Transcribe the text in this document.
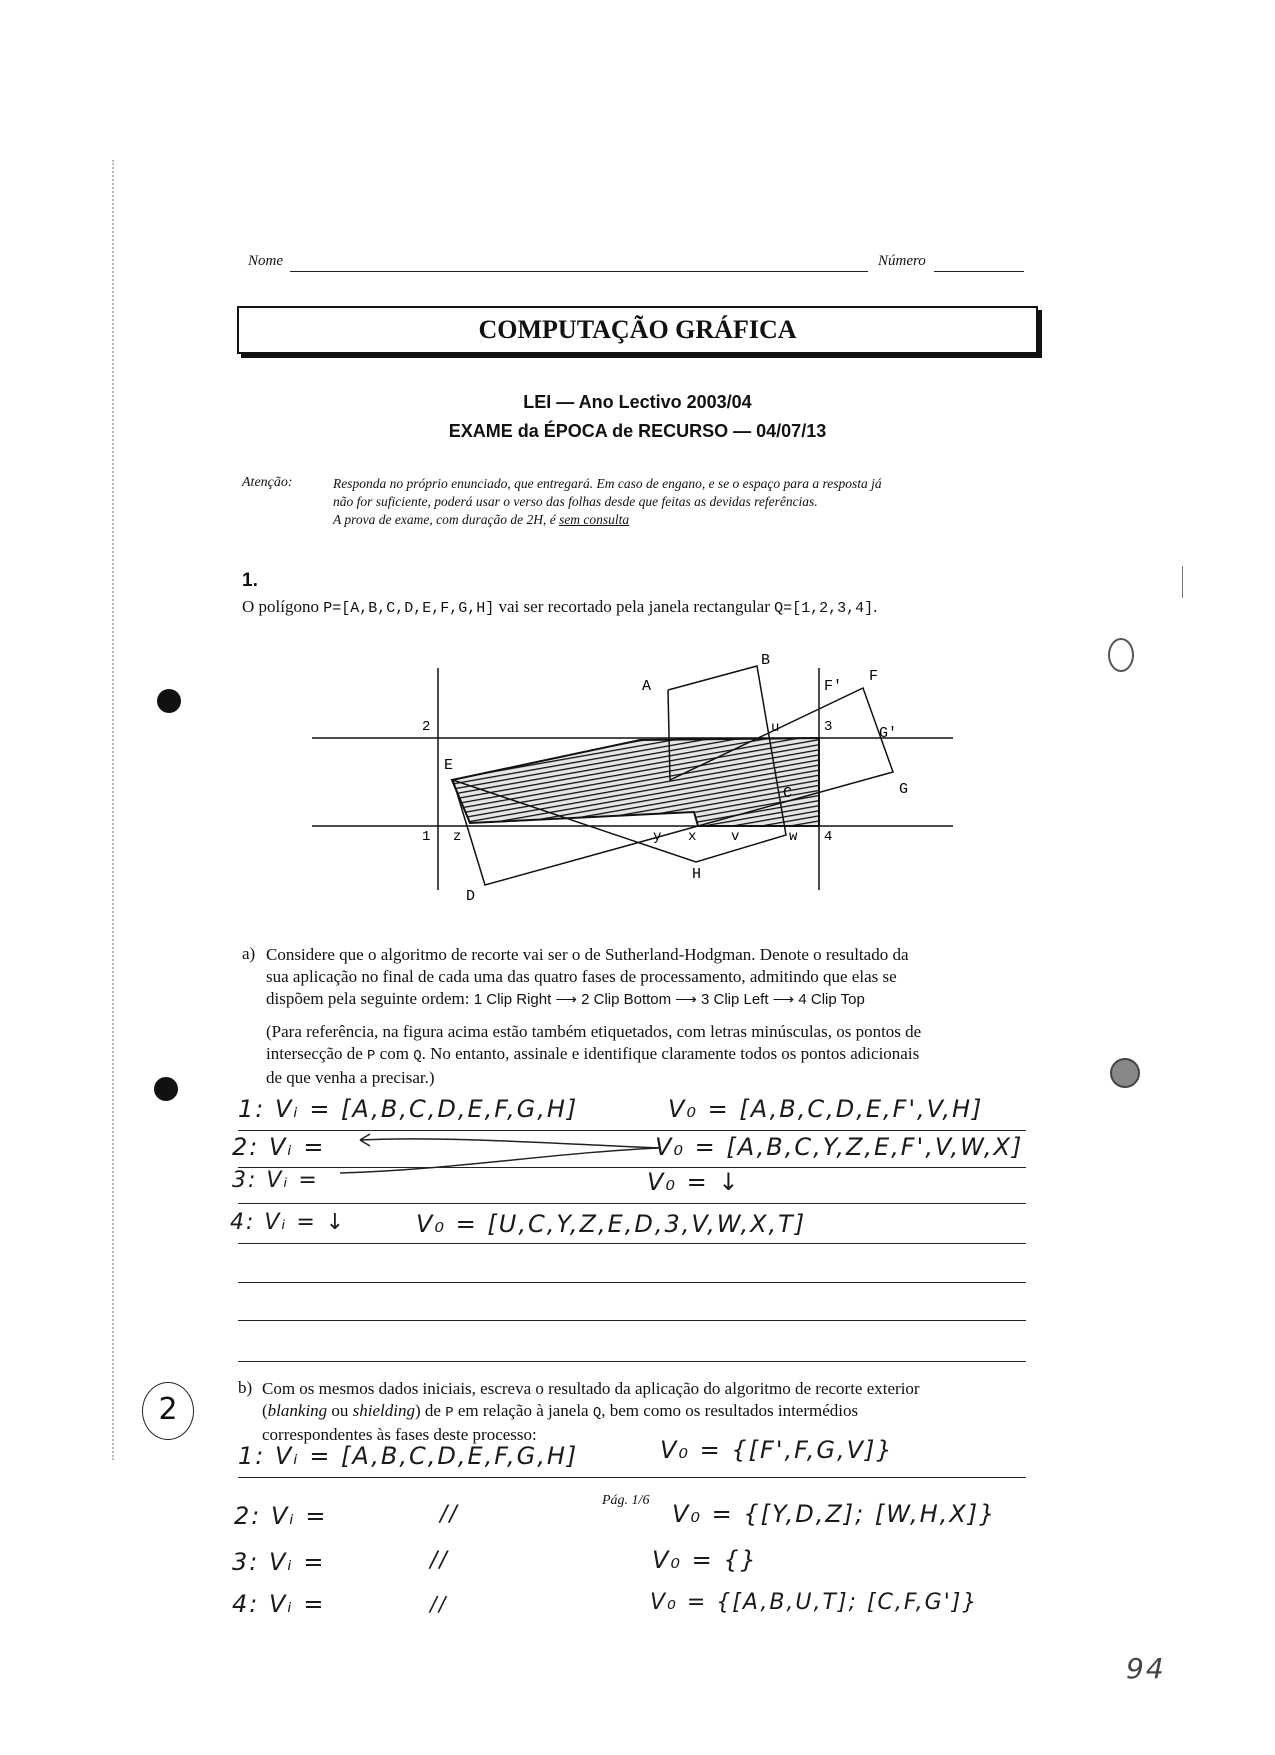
Nome	Número
COMPUTAÇÃO GRÁFICA
LEI — Ano Lectivo 2003/04
EXAME da ÉPOCA de RECURSO — 04/07/13
Atenção:	Responda no próprio enunciado, que entregará. Em caso de engano, e se o espaço para a resposta já
não for suficiente, poderá usar o verso das folhas desde que feitas as devidas referências.
A prova de exame, com duração de 2H, é sem consulta
1.
O polígono P=[A,B,C,D,E,F,G,H] vai ser recortado pela janela rectangular Q=[1,2,3,4].
A
B
C
D
E
F
G
H
F'
G'
u
v	w
x
y
z
1
2	3
4
a) Considere que o algoritmo de recorte vai ser o de Sutherland-Hodgman. Denote o resultado da
sua aplicação no final de cada uma das quatro fases de processamento, admitindo que elas se
dispõem pela seguinte ordem: 1 Clip Right ⟶ 2 Clip Bottom ⟶ 3 Clip Left ⟶ 4 Clip Top
(Para referência, na figura acima estão também etiquetados, com letras minúsculas, os pontos de
intersecção de P com Q. No entanto, assinale e identifique claramente todos os pontos adicionais
de que venha a precisar.)
1: Vᵢ = [A,B,C,D,E,F,G,H]	V₀ = [A,B,C,D,E,F',V,H]
2: Vᵢ =	V₀ = [A,B,C,Y,Z,E,F',V,W,X]
3: Vᵢ =	V₀ = ↓
4: Vᵢ = ↓	V₀ = [U,C,Y,Z,E,D,3,V,W,X,T]
b) Com os mesmos dados iniciais, escreva o resultado da aplicação do algoritmo de recorte exterior
(blanking ou shielding) de P em relação à janela Q, bem como os resultados intermédios
correspondentes às fases deste processo:
1: Vᵢ = [A,B,C,D,E,F,G,H]	V₀ = {[F',F,G,V]}
2: Vᵢ =	//	V₀ = {[Y,D,Z]; [W,H,X]}
3: Vᵢ =	//	V₀ = {}
4: Vᵢ =	//	V₀ = {[A,B,U,T]; [C,F,G']}
Pág. 1/6
2
94
